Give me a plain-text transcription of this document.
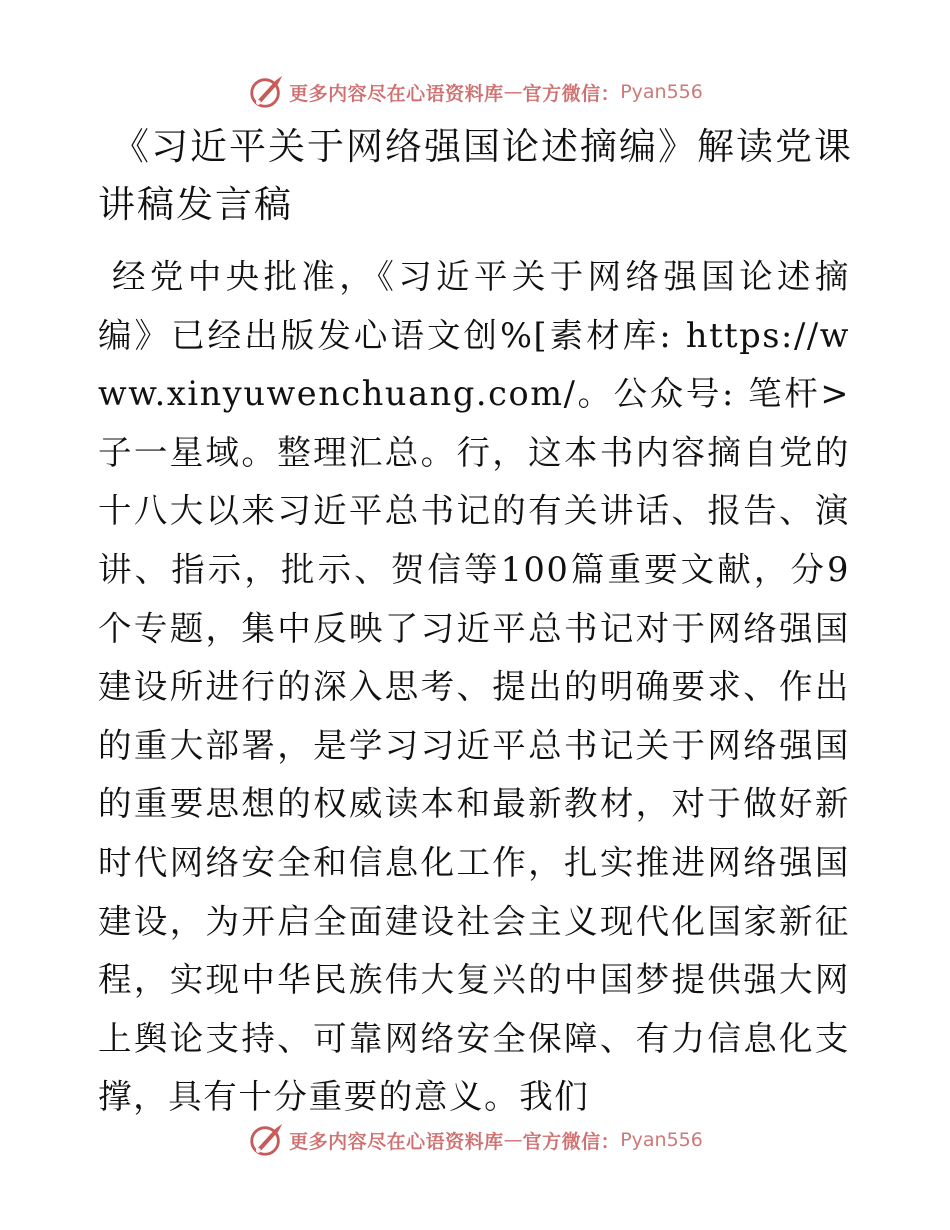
更多内容尽在心语资料库 — 官方微信： Pyan556
《习近平关于网络强国论述摘编》解读党课讲稿发言稿

经党中央批准，《习近平关于网络强国论述摘编》已经出版发心语文创%[素材库: https://www.xinyuwenchuang.com/。公众号: 笔杆>子一星域。整理汇总。行，这本书内容摘自党的十八大以来习近平总书记的有关讲话、报告、演讲、指示，批示、贺信等100篇重要文献，分9个专题，集中反映了习近平总书记对于网络强国建设所进行的深入思考、提出的明确要求、作出的重大部署，是学习习近平总书记关于网络强国的重要思想的权威读本和最新教材，对于做好新时代网络安全和信息化工作，扎实推进网络强国建设，为开启全面建设社会主义现代化国家新征程，实现中华民族伟大复兴的中国梦提供强大网上舆论支持、可靠网络安全保障、有力信息化支撑，具有十分重要的意义。我们

更多内容尽在心语资料库 — 官方微信： Pyan556
